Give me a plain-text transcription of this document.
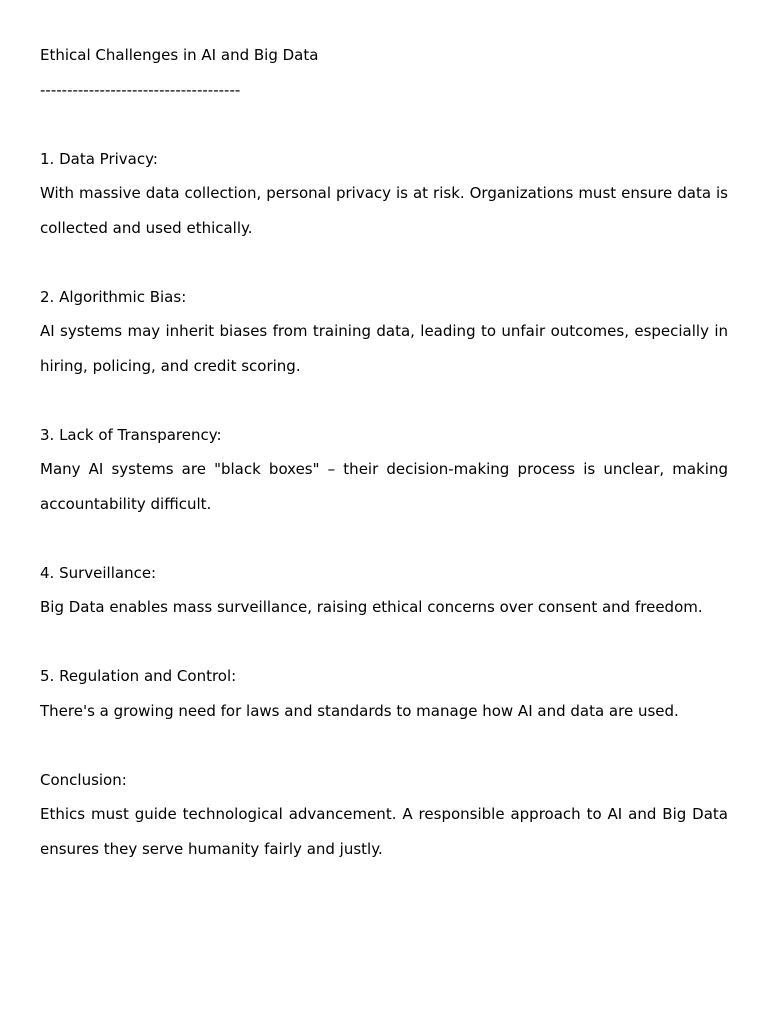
Ethical Challenges in AI and Big Data

-------------------------------------

1. Data Privacy:

With massive data collection, personal privacy is at risk. Organizations must ensure data is collected and used ethically.

2. Algorithmic Bias:

AI systems may inherit biases from training data, leading to unfair outcomes, especially in hiring, policing, and credit scoring.

3. Lack of Transparency:

Many AI systems are "black boxes" – their decision-making process is unclear, making accountability difficult.

4. Surveillance:

Big Data enables mass surveillance, raising ethical concerns over consent and freedom.

5. Regulation and Control:

There's a growing need for laws and standards to manage how AI and data are used.

Conclusion:

Ethics must guide technological advancement. A responsible approach to AI and Big Data ensures they serve humanity fairly and justly.
